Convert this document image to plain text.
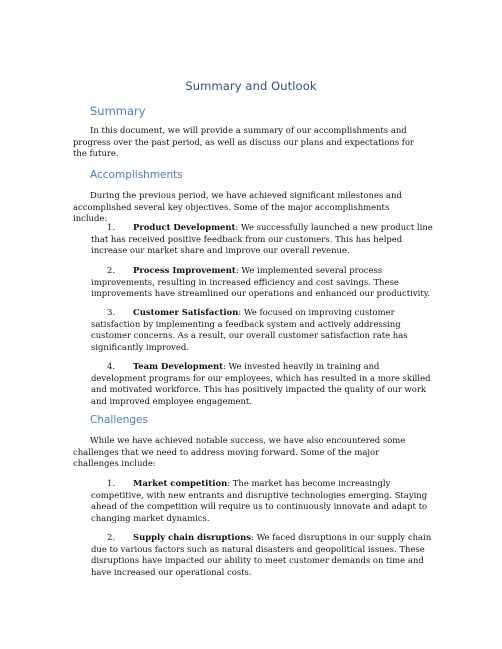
Summary and Outlook
Summary
In this document, we will provide a summary of our accomplishments and progress over the past period, as well as discuss our plans and expectations for the future.
Accomplishments
During the previous period, we have achieved significant milestones and accomplished several key objectives. Some of the major accomplishments include:
1. Product Development: We successfully launched a new product line that has received positive feedback from our customers. This has helped increase our market share and improve our overall revenue.
2. Process Improvement: We implemented several process improvements, resulting in increased efficiency and cost savings. These improvements have streamlined our operations and enhanced our productivity.
3. Customer Satisfaction: We focused on improving customer satisfaction by implementing a feedback system and actively addressing customer concerns. As a result, our overall customer satisfaction rate has significantly improved.
4. Team Development: We invested heavily in training and development programs for our employees, which has resulted in a more skilled and motivated workforce. This has positively impacted the quality of our work and improved employee engagement.
Challenges
While we have achieved notable success, we have also encountered some challenges that we need to address moving forward. Some of the major challenges include:
1. Market competition: The market has become increasingly competitive, with new entrants and disruptive technologies emerging. Staying ahead of the competition will require us to continuously innovate and adapt to changing market dynamics.
2. Supply chain disruptions: We faced disruptions in our supply chain due to various factors such as natural disasters and geopolitical issues. These disruptions have impacted our ability to meet customer demands on time and have increased our operational costs.
